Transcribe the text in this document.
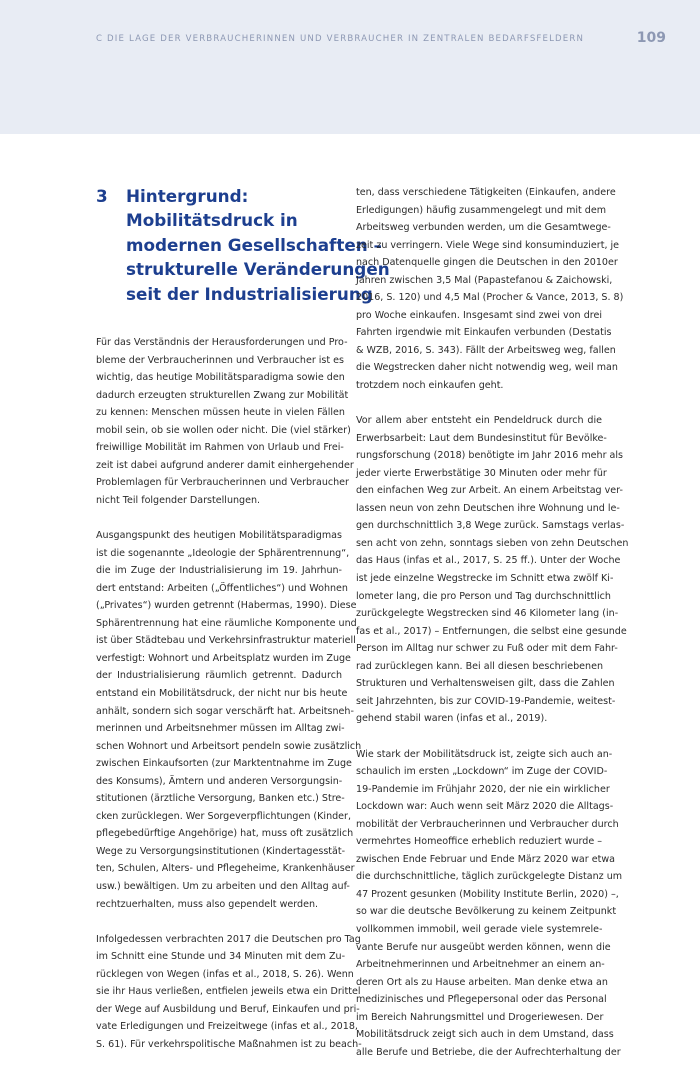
C DIE LAGE DER VERBRAUCHERINNEN UND VERBRAUCHER IN ZENTRALEN BEDARFSFELDERN	109
3 Hintergrund:
Mobilitätsdruck in
modernen Gesellschaften –
strukturelle Veränderungen
seit der Industrialisierung
Für das Verständnis der Herausforderungen und Pro-
bleme der Verbraucherinnen und Verbraucher ist es
wichtig, das heutige Mobilitätsparadigma sowie den
dadurch erzeugten strukturellen Zwang zur Mobilität
zu kennen: Menschen müssen heute in vielen Fällen
mobil sein, ob sie wollen oder nicht. Die (viel stärker)
freiwillige Mobilität im Rahmen von Urlaub und Frei-
zeit ist dabei aufgrund anderer damit einhergehender
Problemlagen für Verbraucherinnen und Verbraucher
nicht Teil folgender Darstellungen.
Ausgangspunkt des heutigen Mobilitätsparadigmas
ist die sogenannte „Ideologie der Sphärentrennung“,
die im Zuge der Industrialisierung im 19. Jahrhun-
dert entstand: Arbeiten („Öffentliches“) und Wohnen
(„Privates“) wurden getrennt (Habermas, 1990). Diese
Sphärentrennung hat eine räumliche Komponente und
ist über Städtebau und Verkehrsinfrastruktur materiell
verfestigt: Wohnort und Arbeitsplatz wurden im Zuge
der Industrialisierung räumlich getrennt. Dadurch
entstand ein Mobilitätsdruck, der nicht nur bis heute
anhält, sondern sich sogar verschärft hat. Arbeitsneh-
merinnen und Arbeitsnehmer müssen im Alltag zwi-
schen Wohnort und Arbeitsort pendeln sowie zusätzlich
zwischen Einkaufsorten (zur Marktentnahme im Zuge
des Konsums), Ämtern und anderen Versorgungsin-
stitutionen (ärztliche Versorgung, Banken etc.) Stre-
cken zurücklegen. Wer Sorgeverpflichtungen (Kinder,
pflegebedürftige Angehörige) hat, muss oft zusätzlich
Wege zu Versorgungsinstitutionen (Kindertagesstät-
ten, Schulen, Alters- und Pflegeheime, Krankenhäuser
usw.) bewältigen. Um zu arbeiten und den Alltag auf-
rechtzuerhalten, muss also gependelt werden.
Infolgedessen verbrachten 2017 die Deutschen pro Tag
im Schnitt eine Stunde und 34 Minuten mit dem Zu-
rücklegen von Wegen (infas et al., 2018, S. 26). Wenn
sie ihr Haus verließen, entfielen jeweils etwa ein Drittel
der Wege auf Ausbildung und Beruf, Einkaufen und pri-
vate Erledigungen und Freizeitwege (infas et al., 2018,
S. 61). Für verkehrspolitische Maßnahmen ist zu beach-
ten, dass verschiedene Tätigkeiten (Einkaufen, andere
Erledigungen) häufig zusammengelegt und mit dem
Arbeitsweg verbunden werden, um die Gesamtwege-
zeit zu verringern. Viele Wege sind konsuminduziert, je
nach Datenquelle gingen die Deutschen in den 2010er
Jahren zwischen 3,5 Mal (Papastefanou & Zaichowski,
2016, S. 120) und 4,5 Mal (Procher & Vance, 2013, S. 8)
pro Woche einkaufen. Insgesamt sind zwei von drei
Fahrten irgendwie mit Einkaufen verbunden (Destatis
& WZB, 2016, S. 343). Fällt der Arbeitsweg weg, fallen
die Wegstrecken daher nicht notwendig weg, weil man
trotzdem noch einkaufen geht.
Vor allem aber entsteht ein Pendeldruck durch die
Erwerbsarbeit: Laut dem Bundesinstitut für Bevölke-
rungsforschung (2018) benötigte im Jahr 2016 mehr als
jeder vierte Erwerbstätige 30 Minuten oder mehr für
den einfachen Weg zur Arbeit. An einem Arbeitstag ver-
lassen neun von zehn Deutschen ihre Wohnung und le-
gen durchschnittlich 3,8 Wege zurück. Samstags verlas-
sen acht von zehn, sonntags sieben von zehn Deutschen
das Haus (infas et al., 2017, S. 25 ff.). Unter der Woche
ist jede einzelne Wegstrecke im Schnitt etwa zwölf Ki-
lometer lang, die pro Person und Tag durchschnittlich
zurückgelegte Wegstrecken sind 46 Kilometer lang (in-
fas et al., 2017) – Entfernungen, die selbst eine gesunde
Person im Alltag nur schwer zu Fuß oder mit dem Fahr-
rad zurücklegen kann. Bei all diesen beschriebenen
Strukturen und Verhaltensweisen gilt, dass die Zahlen
seit Jahrzehnten, bis zur COVID-19-Pandemie, weitest-
gehend stabil waren (infas et al., 2019).
Wie stark der Mobilitätsdruck ist, zeigte sich auch an-
schaulich im ersten „Lockdown“ im Zuge der COVID-
19-Pandemie im Frühjahr 2020, der nie ein wirklicher
Lockdown war: Auch wenn seit März 2020 die Alltags-
mobilität der Verbraucherinnen und Verbraucher durch
vermehrtes Homeoffice erheblich reduziert wurde –
zwischen Ende Februar und Ende März 2020 war etwa
die durchschnittliche, täglich zurückgelegte Distanz um
47 Prozent gesunken (Mobility Institute Berlin, 2020) –,
so war die deutsche Bevölkerung zu keinem Zeitpunkt
vollkommen immobil, weil gerade viele systemrele-
vante Berufe nur ausgeübt werden können, wenn die
Arbeitnehmerinnen und Arbeitnehmer an einem an-
deren Ort als zu Hause arbeiten. Man denke etwa an
medizinisches und Pflegepersonal oder das Personal
im Bereich Nahrungsmittel und Drogeriewesen. Der
Mobilitätsdruck zeigt sich auch in dem Umstand, dass
alle Berufe und Betriebe, die der Aufrechterhaltung der
